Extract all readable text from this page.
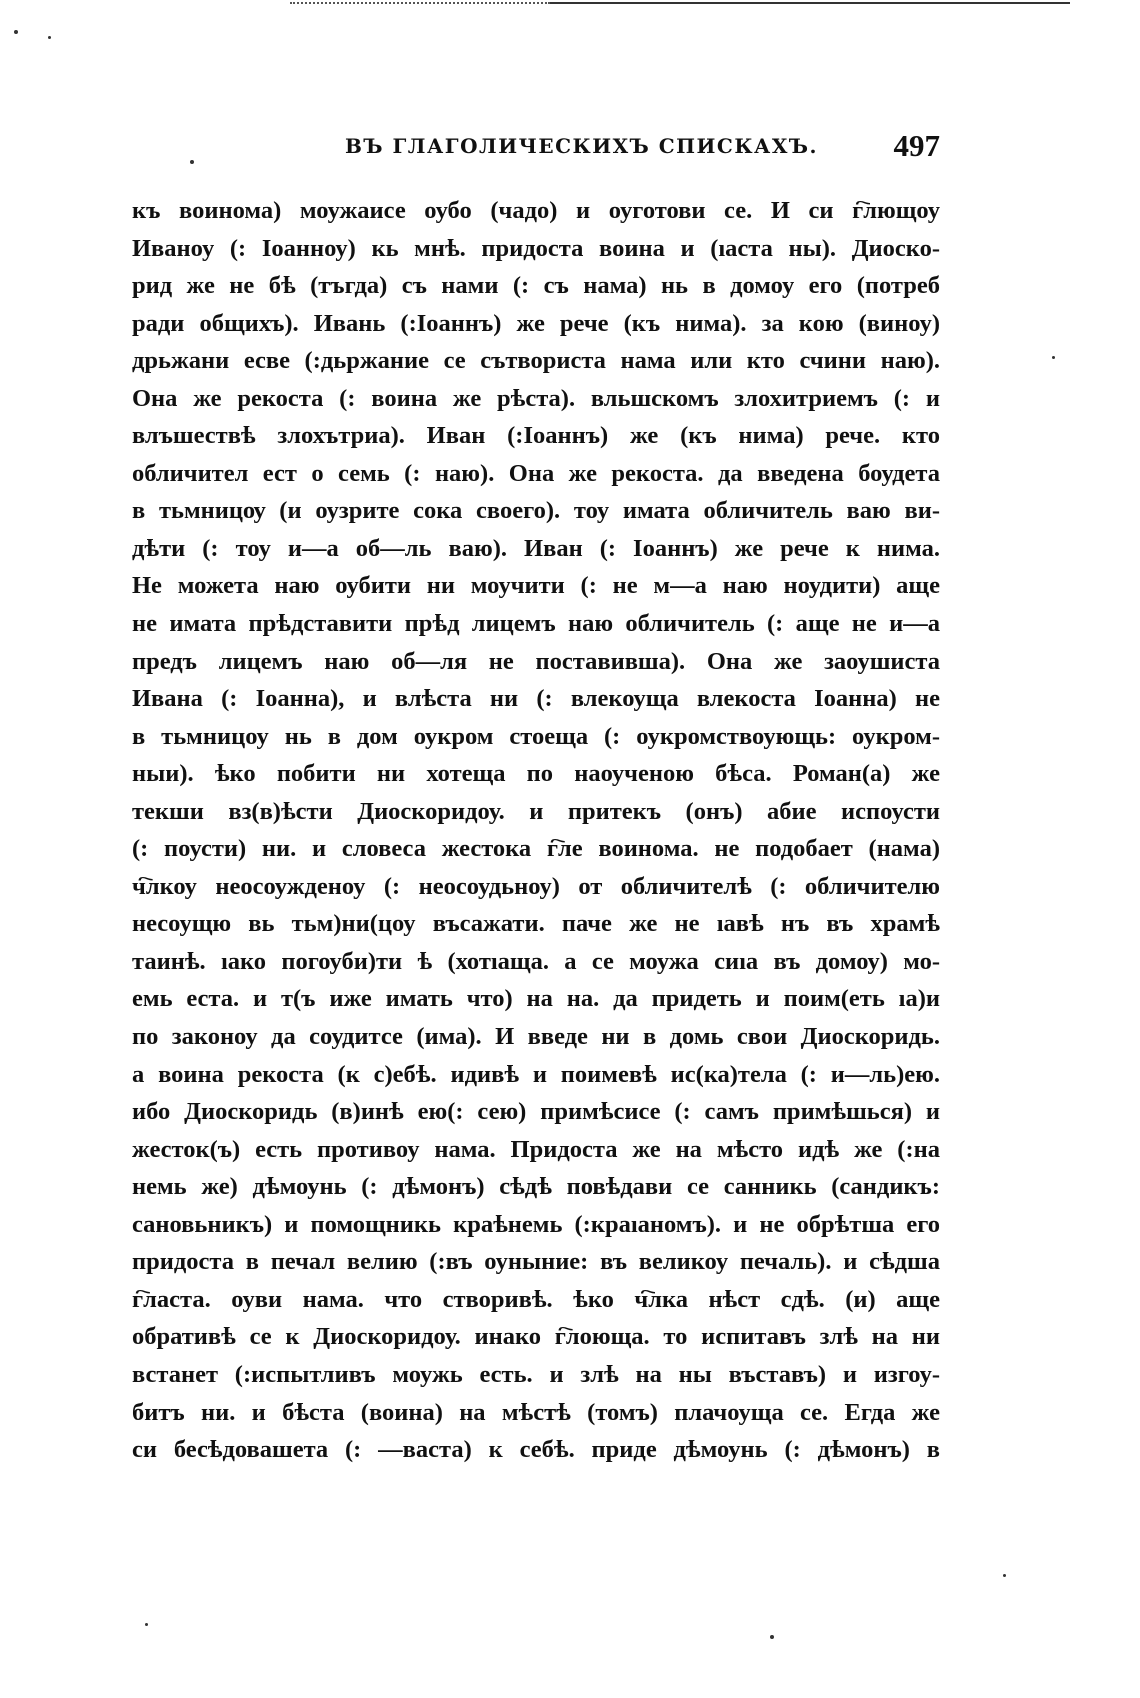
ВЪ ГЛАГОЛИЧЕСКИХЪ СПИСКАХЪ. 497
къ воинома) моужаисе оубо (чадо) и оуготови се. И си г҇лющоу
Иваноу (: Іоанноу) кь мнѣ. придоста воина и (ıаста ны). Диоско-
рид же не бѣ (тъгда) съ нами (: съ нама) нь в домоу его (потреб
ради общихъ). Ивань (:Іоаннъ) же рече (къ нима). за кою (виноу)
дрьжани есве (:дьржание се сътвориста нама или кто счини наю).
Она же рекоста (: воина же рѣста). вльшскомъ злохитриемъ (: и
влъшествѣ злохътриа). Иван (:Іоаннъ) же (къ нима) рече. кто
обличител ест о семь (: наю). Она же рекоста. да введена боудета
в тьмницѹ (и оузрите сока своего). тоу имата обличитель ваю ви-
дѣти (: тоу и—а об—ль ваю). Иван (: Іоаннъ) же рече к нима.
Не можета наю оубити ни моучити (: не м—а наю ноудити) аще
не имата прѣдставити прѣд лицемъ наю обличитель (: аще не и—а
предъ лицемъ наю об—ля не поставивша). Она же заоушиста
Ивана (: Іоанна), и влѣста ни (: влекоуща влекоста Іоанна) не
в тьмницоу нь в дом оукром стоеща (: оукромствоующь: оукром-
ныи). ѣко побити ни хотеща по наоученою бѣса. Роман(а) же
текши вз(в)ѣсти Диоскоридоу. и притекъ (онъ) абие испоусти
(: поусти) ни. и словеса жестока г҇ле воинома. не подобает (нама)
ч҇лкоу неосоужденоу (: неосоудьноу) от обличителѣ (: обличителю
несоущю вь тьм)ни(цоу въсажати. паче же не ıавѣ нъ въ храмѣ
таинѣ. ıако погоуби)ти ѣ (хотıаща. а се моужа сиıа въ домоу) мо-
емь еста. и т(ъ иже имать что) на на. да придеть и поим(еть ıа)и
по законоу да соудитсе (има). И введе ни в домь свои Диоскоридь.
а воина рекоста (к с)ебѣ. идивѣ и поимевѣ ис(ка)тела (: и—ль)ею.
ибо Диоскоридь (в)инѣ ею(: сею) примѣсисе (: самъ примѣшься) и
жесток(ъ) есть противоу нама. Придоста же на мѣсто идѣ же (:на
немь же) дѣмоунь (: дѣмонъ) сѣдѣ повѣдави се санникь (сандикъ:
сановьникъ) и помощникь краѣнемь (:краıаномъ). и не обрѣтша его
придоста в печал велию (:въ оуныние: въ великоу печаль). и сѣдша
г҇ласта. оуви нама. что створивѣ. ѣко ч҇лка нѣст сдѣ. (и) аще
обративѣ се к Диоскоридоу. инако г҇лоюща. то испитавъ злѣ на ни
встанет (:испытливъ моужь есть. и злѣ на ны въставъ) и изгоу-
битъ ни. и бѣста (воина) на мѣстѣ (томъ) плачоуща се. Егда же
си бесѣдовашета (: —васта) к себѣ. приде дѣмоунь (: дѣмонъ) в
